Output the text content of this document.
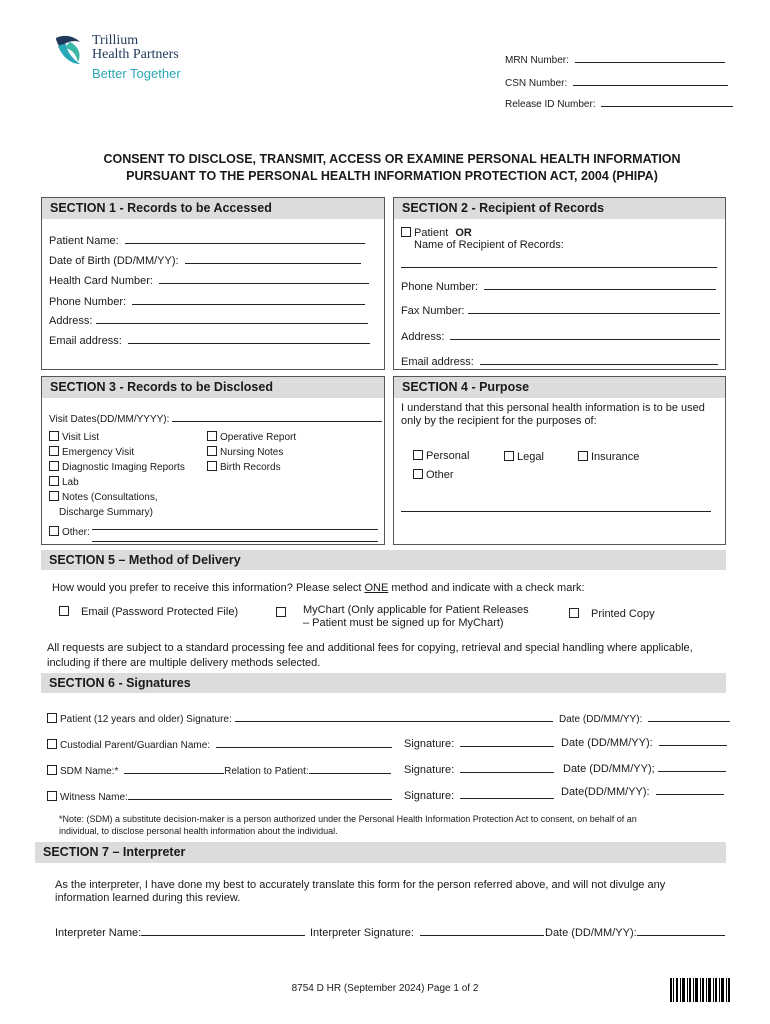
Trillium
Health Partners
Better Together
MRN Number:
CSN Number:
Release ID Number:
CONSENT TO DISCLOSE, TRANSMIT, ACCESS OR EXAMINE PERSONAL HEALTH INFORMATION
PURSUANT TO THE PERSONAL HEALTH INFORMATION PROTECTION ACT, 2004 (PHIPA)
SECTION 1 - Records to be Accessed
Patient Name:
Date of Birth (DD/MM/YY):
Health Card Number:
Phone Number:
Address:
Email address:
SECTION 2 - Recipient of Records
Patient OR
Name of Recipient of Records:
Phone Number:
Fax Number:
Address:
Email address:
SECTION 3 - Records to be Disclosed
Visit Dates(DD/MM/YYYY):
Visit List
Emergency Visit
Diagnostic Imaging Reports
Lab
Notes (Consultations,
Discharge Summary)
Operative Report
Nursing Notes
Birth Records
Other:
SECTION 4 - Purpose
I understand that this personal health information is to be used
only by the recipient for the purposes of:
Personal	Legal	Insurance
Other
SECTION 5 – Method of Delivery
How would you prefer to receive this information? Please select ONE method and indicate with a check mark:
Email (Password Protected File)	MyChart (Only applicable for Patient Releases
– Patient must be signed up for MyChart)
Printed Copy
All requests are subject to a standard processing fee and additional fees for copying, retrieval and special handling where applicable,
including if there are multiple delivery methods selected.
SECTION 6 - Signatures
Patient (12 years and older) Signature:	Date (DD/MM/YY):
Custodial Parent/Guardian Name:	Signature:	Date (DD/MM/YY):
SDM Name:*	Relation to Patient:	Signature:	Date (DD/MM/YY);
Witness Name:	Signature:	Date(DD/MM/YY):
*Note: (SDM) a substitute decision-maker is a person authorized under the Personal Health Information Protection Act to consent, on behalf of an
individual, to disclose personal health information about the individual.
SECTION 7 – Interpreter
As the interpreter, I have done my best to accurately translate this form for the person referred above, and will not divulge any
information learned during this review.
Interpreter Name:	Interpreter Signature:	Date (DD/MM/YY):
8754 D HR (September 2024) Page 1 of 2
